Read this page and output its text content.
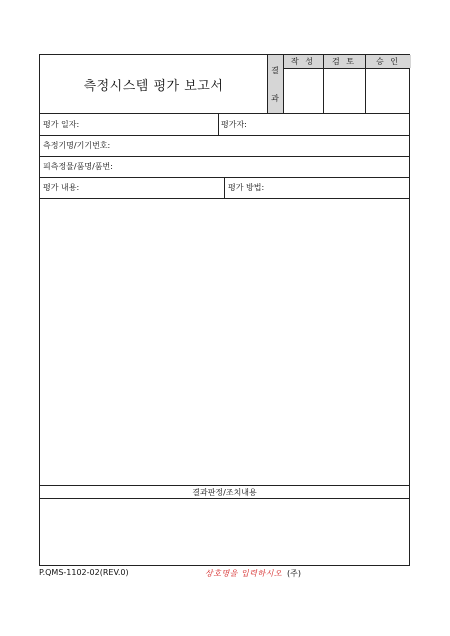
측정시스템 평가 보고서
결
과
작 성	검 토	승 인
평가 일자:	평가자:
측정기명/기기번호:
피측정물/품명/품번:
평가 내용:	평가 방법:
결과판정/조치내용
P.QMS-1102-02(REV.0)	상호명을 입력하시오 (주)
